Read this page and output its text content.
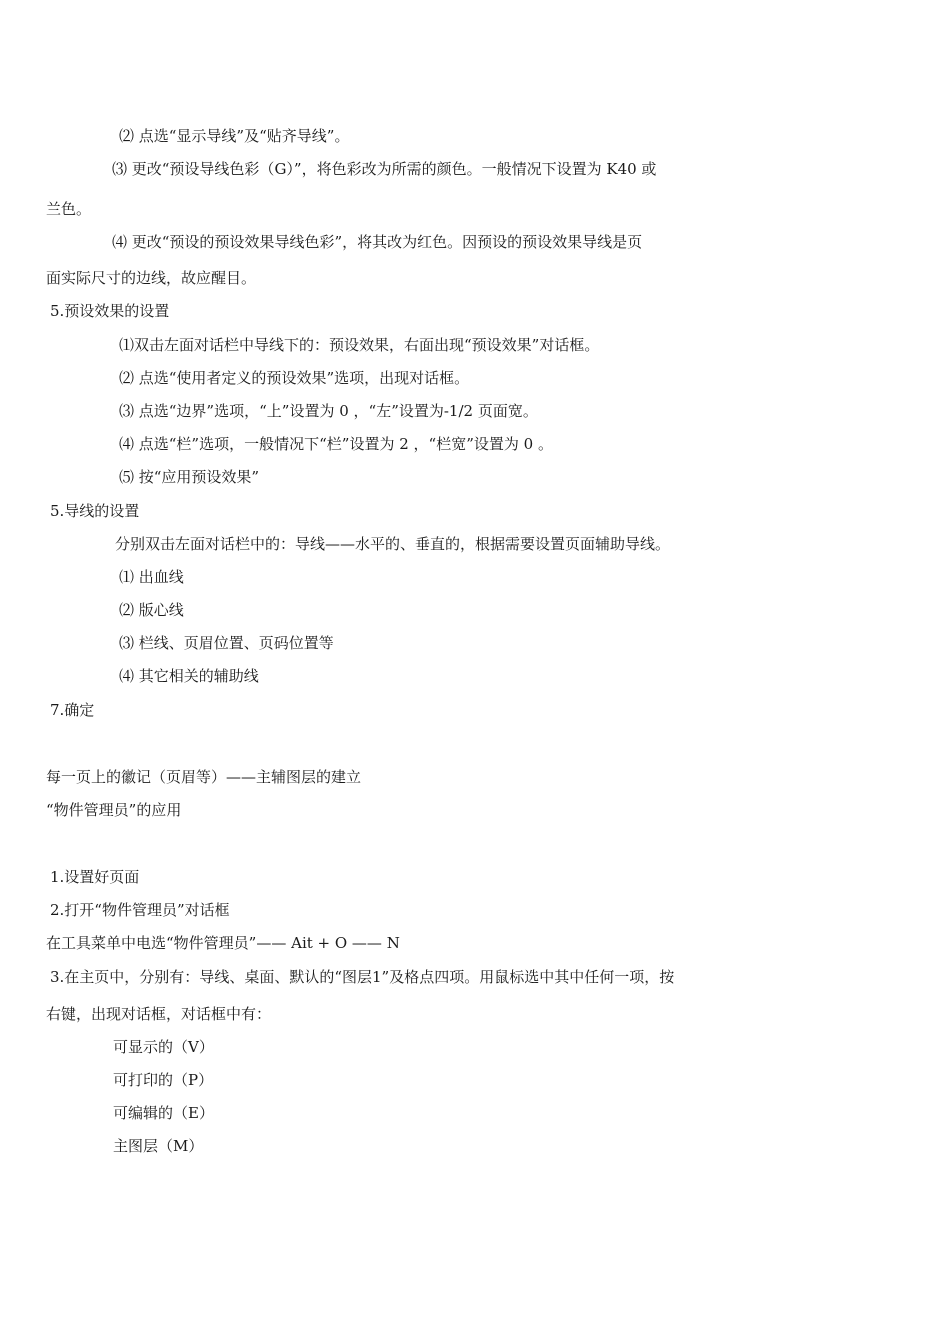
⑵ 点选“显示导线”及“贴齐导线”。
⑶ 更改“预设导线色彩（G）”，将色彩改为所需的颜色。一般情况下设置为 K40 或
兰色。
⑷ 更改“预设的预设效果导线色彩”，将其改为红色。因预设的预设效果导线是页
面实际尺寸的边线，故应醒目。
5.预设效果的设置
⑴双击左面对话栏中导线下的：预设效果，右面出现“预设效果”对话框。
⑵ 点选“使用者定义的预设效果”选项，出现对话框。
⑶ 点选“边界”选项，“上”设置为 0 ，“左”设置为-1/2 页面宽。
⑷ 点选“栏”选项，一般情况下“栏”设置为 2 ，“栏宽”设置为 0 。
⑸ 按“应用预设效果”
5.导线的设置
分别双击左面对话栏中的：导线——水平的、垂直的，根据需要设置页面辅助导线。
⑴ 出血线
⑵ 版心线
⑶ 栏线、页眉位置、页码位置等
⑷ 其它相关的辅助线
7.确定
每一页上的徽记（页眉等）——主辅图层的建立
“物件管理员”的应用
1.设置好页面
2.打开“物件管理员”对话框
在工具菜单中电选“物件管理员”—— Ait + O —— N
3.在主页中，分别有：导线、桌面、默认的“图层1”及格点四项。用鼠标选中其中任何一项，按
右键，出现对话框，对话框中有：
可显示的（V）
可打印的（P）
可编辑的（E）
主图层（M）
